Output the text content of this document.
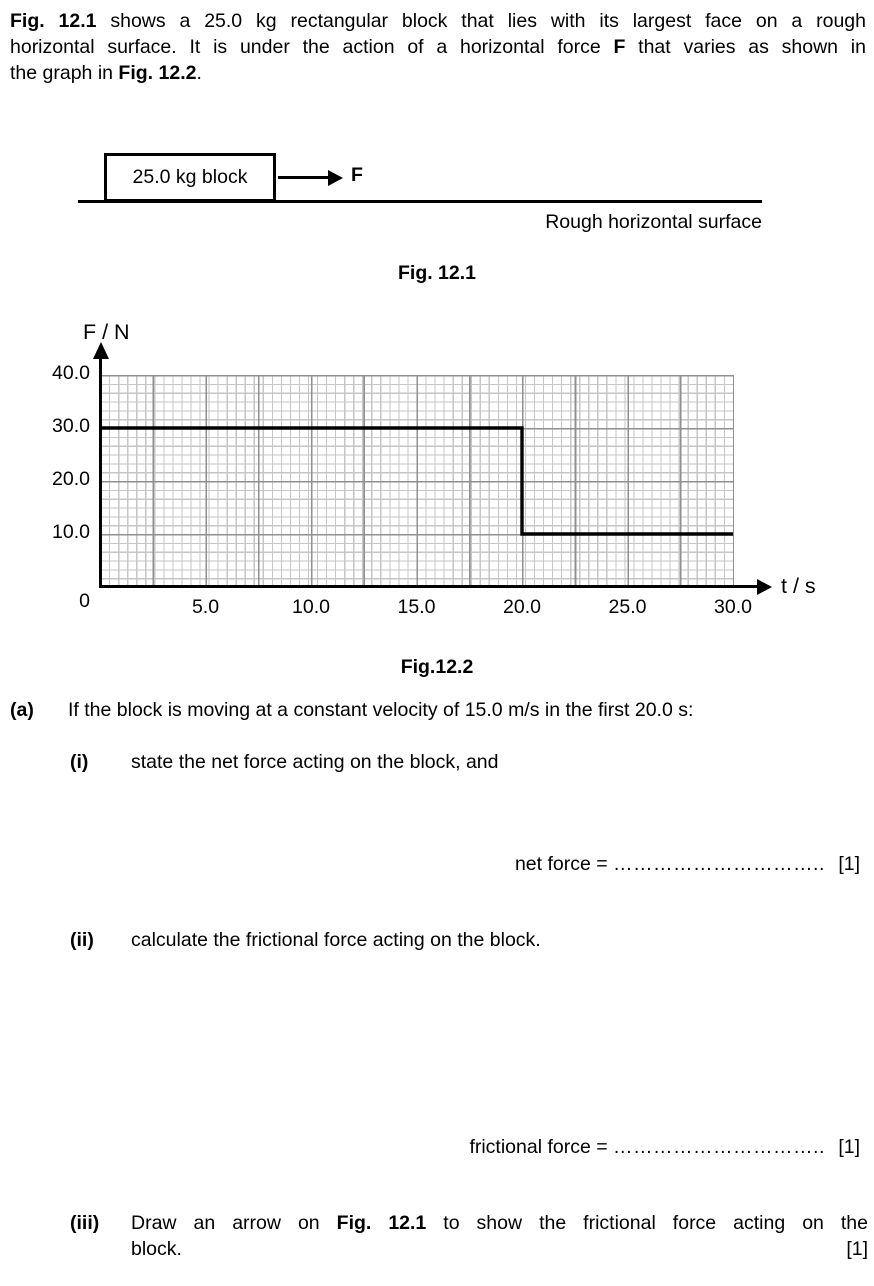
Fig. 12.1 shows a 25.0 kg rectangular block that lies with its largest face on a rough
horizontal surface. It is under the action of a horizontal force F that varies as shown in
the graph in Fig. 12.2.
25.0 kg block	F
Rough horizontal surface
Fig. 12.1
F / N
t / s
0
40.0
30.0
20.0
10.0
5.0	10.0	15.0	20.0	25.0	30.0
Fig.12.2
(a) If the block is moving at a constant velocity of 15.0 m/s in the first 20.0 s:
(i) state the net force acting on the block, and
net force = ………………………….. [1]
(ii) calculate the frictional force acting on the block.
frictional force = ………………………….. [1]
(iii) Draw an arrow on Fig. 12.1 to show the frictional force acting on the
block.	[1]
